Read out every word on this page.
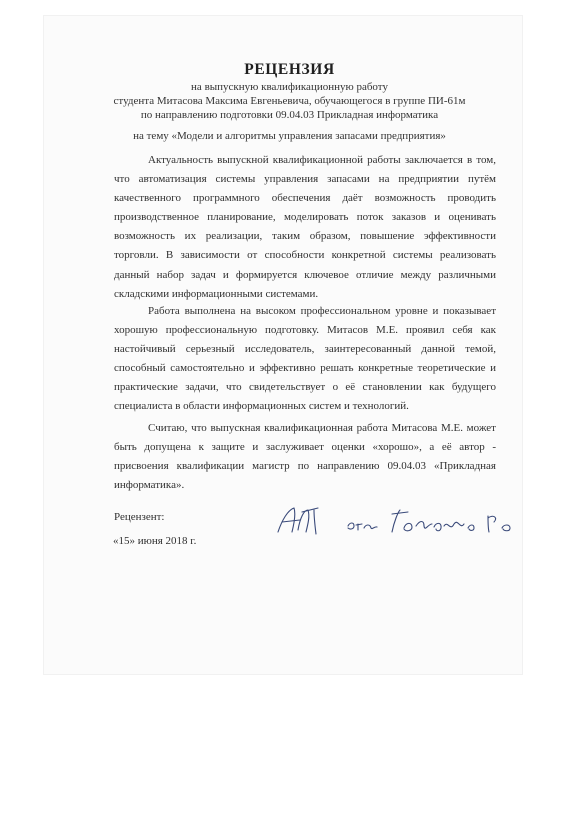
РЕЦЕНЗИЯ
на выпускную квалификационную работу
студента Митасова Максима Евгеньевича, обучающегося в группе ПИ-61м
по направлению подготовки 09.04.03 Прикладная информатика
на тему «Модели и алгоритмы управления запасами предприятия»

Актуальность выпускной квалификационной работы заключается в том, что автоматизация системы управления запасами на предприятии путём качественного программного обеспечения даёт возможность проводить производственное планирование, моделировать поток заказов и оценивать возможность их реализации, таким образом, повышение эффективности торговли. В зависимости от способности конкретной системы реализовать данный набор задач и формируется ключевое отличие между различными складскими информационными системами.

Работа выполнена на высоком профессиональном уровне и показывает хорошую профессиональную подготовку. Митасов М.Е. проявил себя как настойчивый серьезный исследователь, заинтересованный данной темой, способный самостоятельно и эффективно решать конкретные теоретические и практические задачи, что свидетельствует о её становлении как будущего специалиста в области информационных систем и технологий.

Считаю, что выпускная квалификационная работа Митасова М.Е. может быть допущена к защите и заслуживает оценки «хорошо», а её автор - присвоения квалификации магистр по направлению 09.04.03 «Прикладная информатика».

Рецензент:
«15» июня 2018 г.
